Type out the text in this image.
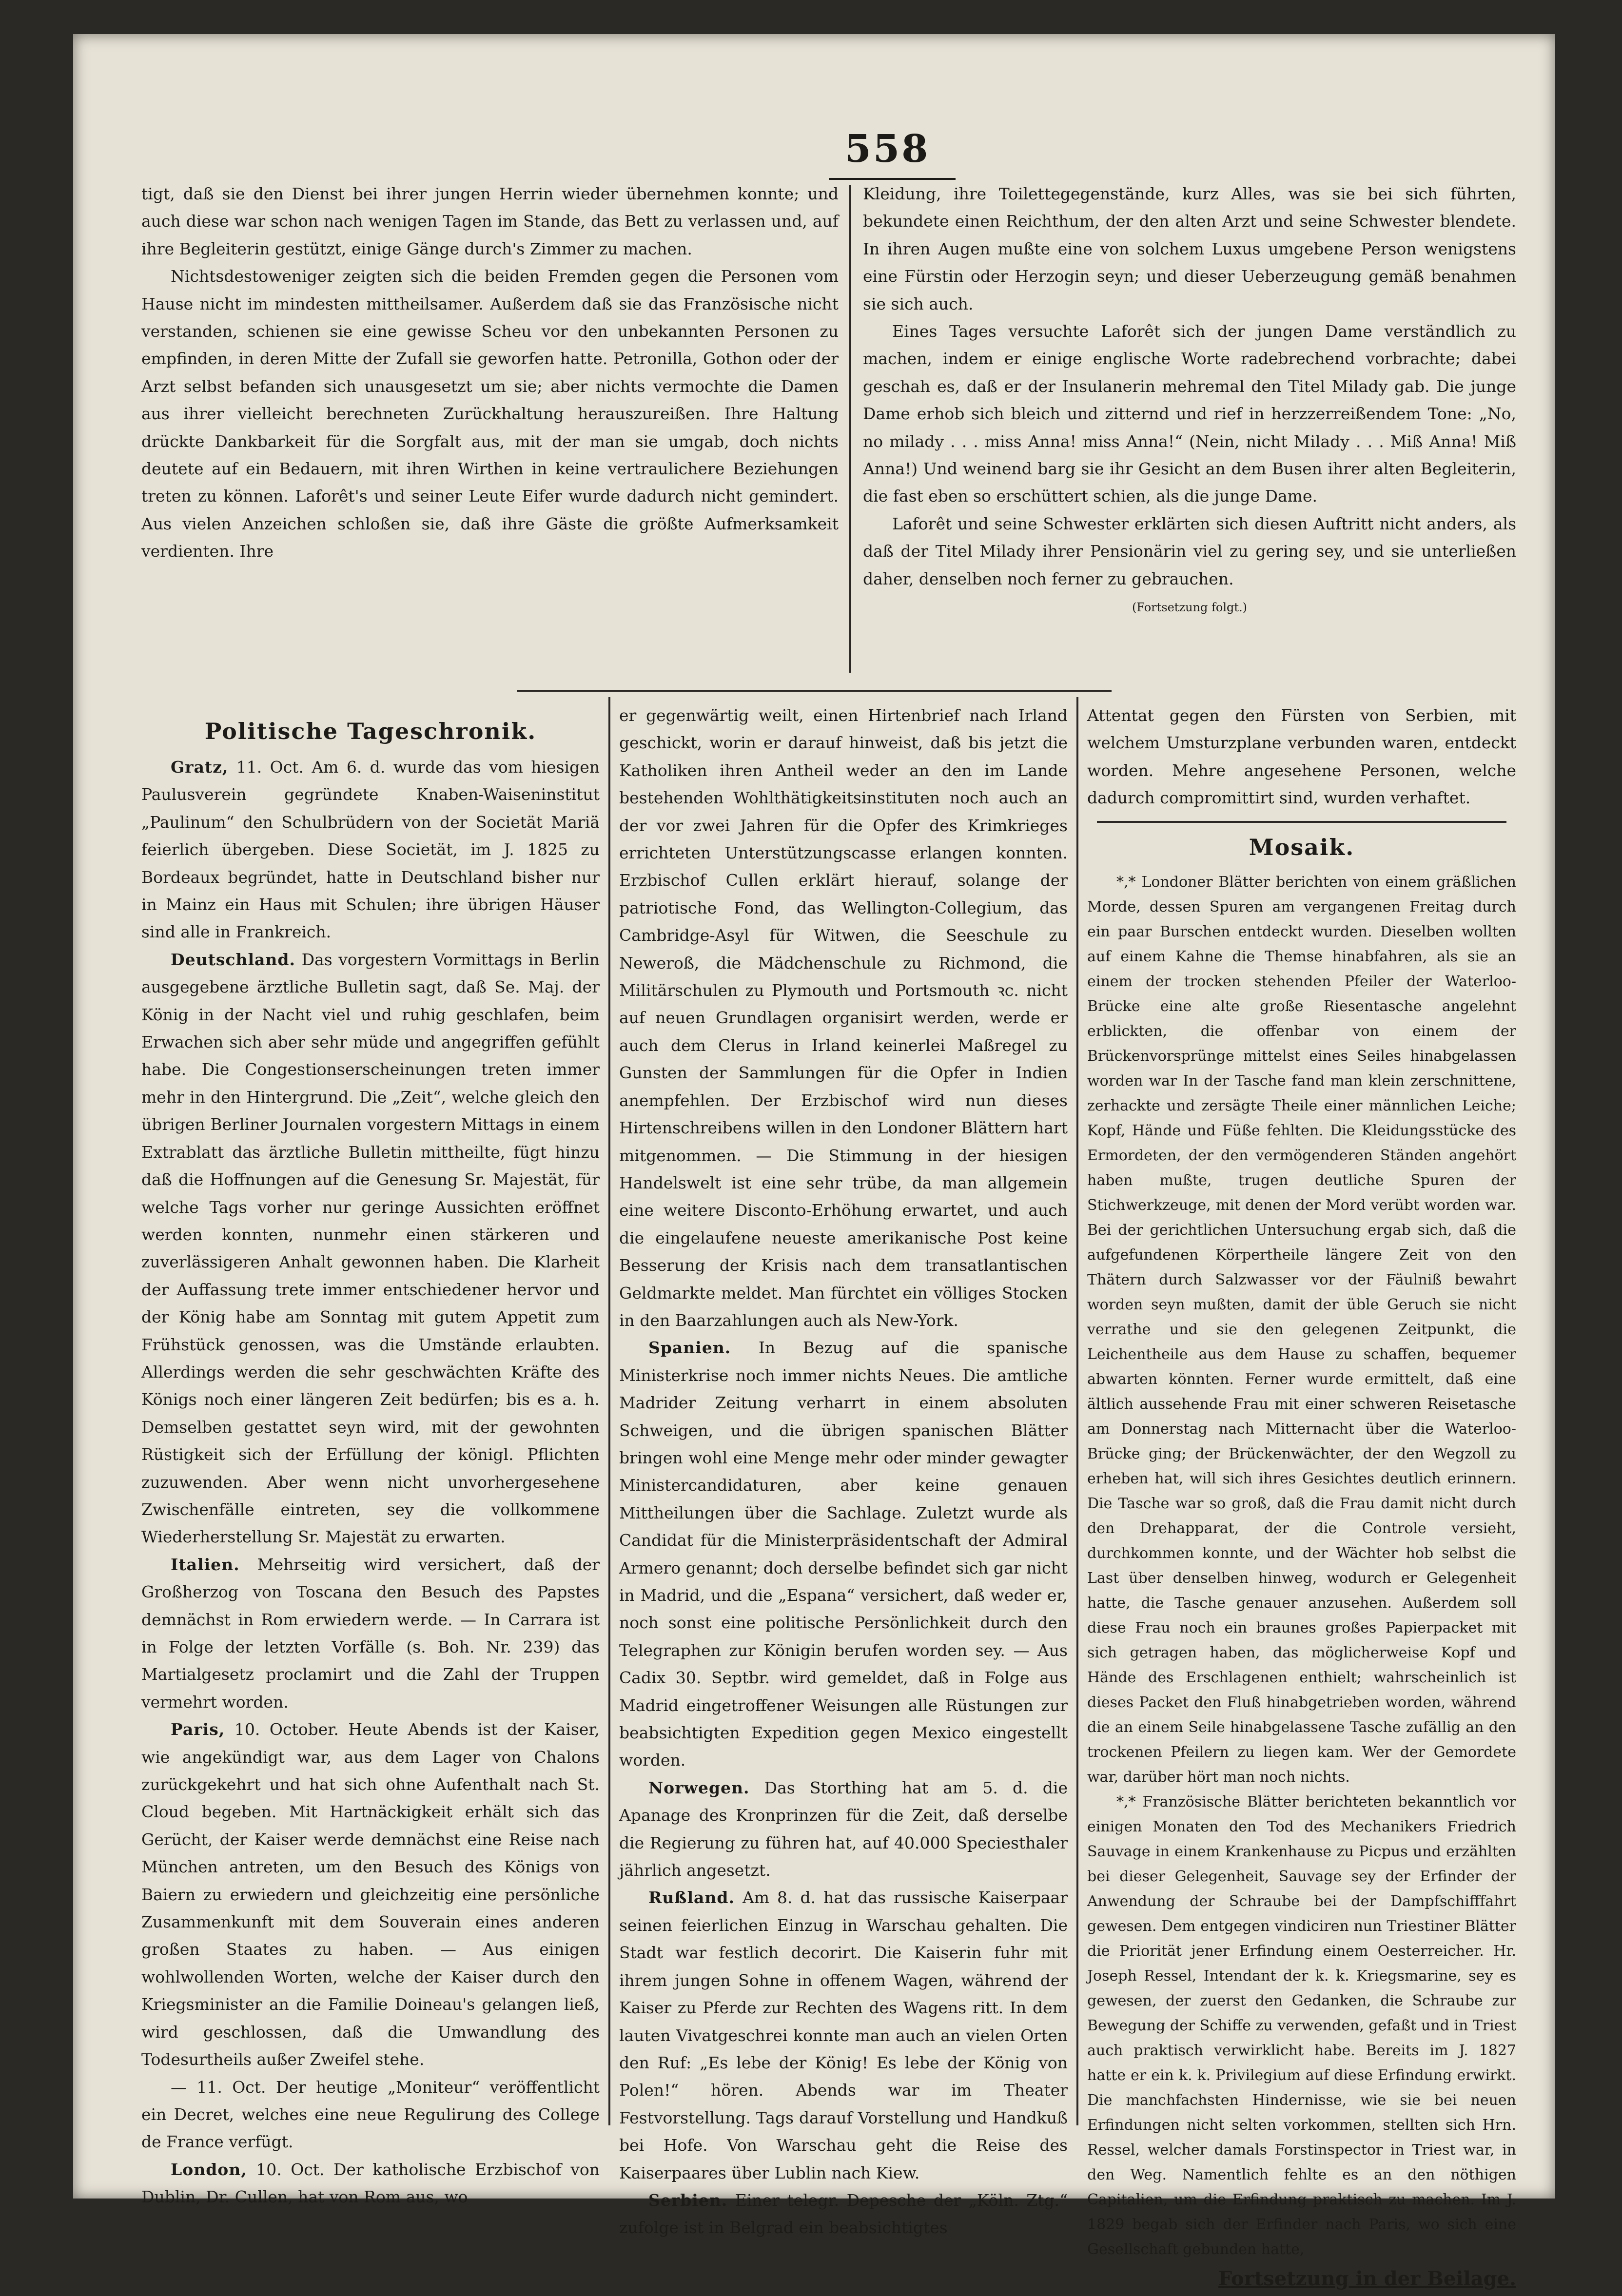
558

tigt, daß sie den Dienst bei ihrer jungen Herrin wieder übernehmen konnte; und auch diese war schon nach wenigen Tagen im Stande, das Bett zu verlassen und, auf ihre Begleiterin gestützt, einige Gänge durch's Zimmer zu machen.

Nichtsdestoweniger zeigten sich die beiden Fremden gegen die Personen vom Hause nicht im mindesten mittheilsamer. Außerdem daß sie das Französische nicht verstanden, schienen sie eine gewisse Scheu vor den unbekannten Personen zu empfinden, in deren Mitte der Zufall sie geworfen hatte. Petronilla, Gothon oder der Arzt selbst befanden sich unausgesetzt um sie; aber nichts vermochte die Damen aus ihrer vielleicht berechneten Zurückhaltung herauszureißen. Ihre Haltung drückte Dankbarkeit für die Sorgfalt aus, mit der man sie umgab, doch nichts deutete auf ein Bedauern, mit ihren Wirthen in keine vertraulichere Beziehungen treten zu können. Laforêt's und seiner Leute Eifer wurde dadurch nicht gemindert. Aus vielen Anzeichen schloßen sie, daß ihre Gäste die größte Aufmerksamkeit verdienten. Ihre

Kleidung, ihre Toilettegegenstände, kurz Alles, was sie bei sich führten, bekundete einen Reichthum, der den alten Arzt und seine Schwester blendete. In ihren Augen mußte eine von solchem Luxus umgebene Person wenigstens eine Fürstin oder Herzogin seyn; und dieser Ueberzeugung gemäß benahmen sie sich auch.

Eines Tages versuchte Laforêt sich der jungen Dame verständlich zu machen, indem er einige englische Worte radebrechend vorbrachte; dabei geschah es, daß er der Insulanerin mehremal den Titel Milady gab. Die junge Dame erhob sich bleich und zitternd und rief in herzzerreißendem Tone: „No, no milady . . . miss Anna! miss Anna!“ (Nein, nicht Milady . . . Miß Anna! Miß Anna!) Und weinend barg sie ihr Gesicht an dem Busen ihrer alten Begleiterin, die fast eben so erschüttert schien, als die junge Dame.

Laforêt und seine Schwester erklärten sich diesen Auftritt nicht anders, als daß der Titel Milady ihrer Pensionärin viel zu gering sey, und sie unterließen daher, denselben noch ferner zu gebrauchen.

(Fortsetzung folgt.)
Politische Tageschronik.

Gratz, 11. Oct. Am 6. d. wurde das vom hiesigen Paulusverein gegründete Knaben-Waiseninstitut „Paulinum“ den Schulbrüdern von der Societät Mariä feierlich übergeben. Diese Societät, im J. 1825 zu Bordeaux begründet, hatte in Deutschland bisher nur in Mainz ein Haus mit Schulen; ihre übrigen Häuser sind alle in Frankreich.

Deutschland. Das vorgestern Vormittags in Berlin ausgegebene ärztliche Bulletin sagt, daß Se. Maj. der König in der Nacht viel und ruhig geschlafen, beim Erwachen sich aber sehr müde und angegriffen gefühlt habe. Die Congestionserscheinungen treten immer mehr in den Hintergrund. Die „Zeit“, welche gleich den übrigen Berliner Journalen vorgestern Mittags in einem Extrablatt das ärztliche Bulletin mittheilte, fügt hinzu daß die Hoffnungen auf die Genesung Sr. Majestät, für welche Tags vorher nur geringe Aussichten eröffnet werden konnten, nunmehr einen stärkeren und zuverlässigeren Anhalt gewonnen haben. Die Klarheit der Auffassung trete immer entschiedener hervor und der König habe am Sonntag mit gutem Appetit zum Frühstück genossen, was die Umstände erlaubten. Allerdings werden die sehr geschwächten Kräfte des Königs noch einer längeren Zeit bedürfen; bis es a. h. Demselben gestattet seyn wird, mit der gewohnten Rüstigkeit sich der Erfüllung der königl. Pflichten zuzuwenden. Aber wenn nicht unvorhergesehene Zwischenfälle eintreten, sey die vollkommene Wiederherstellung Sr. Majestät zu erwarten.

Italien. Mehrseitig wird versichert, daß der Großherzog von Toscana den Besuch des Papstes demnächst in Rom erwiedern werde. — In Carrara ist in Folge der letzten Vorfälle (s. Boh. Nr. 239) das Martialgesetz proclamirt und die Zahl der Truppen vermehrt worden.

Paris, 10. October. Heute Abends ist der Kaiser, wie angekündigt war, aus dem Lager von Chalons zurückgekehrt und hat sich ohne Aufenthalt nach St. Cloud begeben. Mit Hartnäckigkeit erhält sich das Gerücht, der Kaiser werde demnächst eine Reise nach München antreten, um den Besuch des Königs von Baiern zu erwiedern und gleichzeitig eine persönliche Zusammenkunft mit dem Souverain eines anderen großen Staates zu haben. — Aus einigen wohlwollenden Worten, welche der Kaiser durch den Kriegsminister an die Familie Doineau's gelangen ließ, wird geschlossen, daß die Umwandlung des Todesurtheils außer Zweifel stehe.

— 11. Oct. Der heutige „Moniteur“ veröffentlicht ein Decret, welches eine neue Regulirung des College de France verfügt.

London, 10. Oct. Der katholische Erzbischof von Dublin, Dr. Cullen, hat von Rom aus, wo

er gegenwärtig weilt, einen Hirtenbrief nach Irland geschickt, worin er darauf hinweist, daß bis jetzt die Katholiken ihren Antheil weder an den im Lande bestehenden Wohlthätigkeitsinstituten noch auch an der vor zwei Jahren für die Opfer des Krimkrieges errichteten Unterstützungscasse erlangen konnten. Erzbischof Cullen erklärt hierauf, solange der patriotische Fond, das Wellington-Collegium, das Cambridge-Asyl für Witwen, die Seeschule zu Neweroß, die Mädchenschule zu Richmond, die Militärschulen zu Plymouth und Portsmouth ꝛc. nicht auf neuen Grundlagen organisirt werden, werde er auch dem Clerus in Irland keinerlei Maßregel zu Gunsten der Sammlungen für die Opfer in Indien anempfehlen. Der Erzbischof wird nun dieses Hirtenschreibens willen in den Londoner Blättern hart mitgenommen. — Die Stimmung in der hiesigen Handelswelt ist eine sehr trübe, da man allgemein eine weitere Disconto-Erhöhung erwartet, und auch die eingelaufene neueste amerikanische Post keine Besserung der Krisis nach dem transatlantischen Geldmarkte meldet. Man fürchtet ein völliges Stocken in den Baarzahlungen auch als New-York.

Spanien. In Bezug auf die spanische Ministerkrise noch immer nichts Neues. Die amtliche Madrider Zeitung verharrt in einem absoluten Schweigen, und die übrigen spanischen Blätter bringen wohl eine Menge mehr oder minder gewagter Ministercandidaturen, aber keine genauen Mittheilungen über die Sachlage. Zuletzt wurde als Candidat für die Ministerpräsidentschaft der Admiral Armero genannt; doch derselbe befindet sich gar nicht in Madrid, und die „Espana“ versichert, daß weder er, noch sonst eine politische Persönlichkeit durch den Telegraphen zur Königin berufen worden sey. — Aus Cadix 30. Septbr. wird gemeldet, daß in Folge aus Madrid eingetroffener Weisungen alle Rüstungen zur beabsichtigten Expedition gegen Mexico eingestellt worden.

Norwegen. Das Storthing hat am 5. d. die Apanage des Kronprinzen für die Zeit, daß derselbe die Regierung zu führen hat, auf 40.000 Speciesthaler jährlich angesetzt.

Rußland. Am 8. d. hat das russische Kaiserpaar seinen feierlichen Einzug in Warschau gehalten. Die Stadt war festlich decorirt. Die Kaiserin fuhr mit ihrem jungen Sohne in offenem Wagen, während der Kaiser zu Pferde zur Rechten des Wagens ritt. In dem lauten Vivatgeschrei konnte man auch an vielen Orten den Ruf: „Es lebe der König! Es lebe der König von Polen!“ hören. Abends war im Theater Festvorstellung. Tags darauf Vorstellung und Handkuß bei Hofe. Von Warschau geht die Reise des Kaiserpaares über Lublin nach Kiew.

Serbien. Einer telegr. Depesche der „Köln. Ztg.“ zufolge ist in Belgrad ein beabsichtigtes

Attentat gegen den Fürsten von Serbien, mit welchem Umsturzplane verbunden waren, entdeckt worden. Mehre angesehene Personen, welche dadurch compromittirt sind, wurden verhaftet.

Mosaik.

*,* Londoner Blätter berichten von einem gräßlichen Morde, dessen Spuren am vergangenen Freitag durch ein paar Burschen entdeckt wurden. Dieselben wollten auf einem Kahne die Themse hinabfahren, als sie an einem der trocken stehenden Pfeiler der Waterloo-Brücke eine alte große Riesentasche angelehnt erblickten, die offenbar von einem der Brückenvorsprünge mittelst eines Seiles hinabgelassen worden war In der Tasche fand man klein zerschnittene, zerhackte und zersägte Theile einer männlichen Leiche; Kopf, Hände und Füße fehlten. Die Kleidungsstücke des Ermordeten, der den vermögenderen Ständen angehört haben mußte, trugen deutliche Spuren der Stichwerkzeuge, mit denen der Mord verübt worden war. Bei der gerichtlichen Untersuchung ergab sich, daß die aufgefundenen Körpertheile längere Zeit von den Thätern durch Salzwasser vor der Fäulniß bewahrt worden seyn mußten, damit der üble Geruch sie nicht verrathe und sie den gelegenen Zeitpunkt, die Leichentheile aus dem Hause zu schaffen, bequemer abwarten könnten. Ferner wurde ermittelt, daß eine ältlich aussehende Frau mit einer schweren Reisetasche am Donnerstag nach Mitternacht über die Waterloo-Brücke ging; der Brückenwächter, der den Wegzoll zu erheben hat, will sich ihres Gesichtes deutlich erinnern. Die Tasche war so groß, daß die Frau damit nicht durch den Drehapparat, der die Controle versieht, durchkommen konnte, und der Wächter hob selbst die Last über denselben hinweg, wodurch er Gelegenheit hatte, die Tasche genauer anzusehen. Außerdem soll diese Frau noch ein braunes großes Papierpacket mit sich getragen haben, das möglicherweise Kopf und Hände des Erschlagenen enthielt; wahrscheinlich ist dieses Packet den Fluß hinabgetrieben worden, während die an einem Seile hinabgelassene Tasche zufällig an den trockenen Pfeilern zu liegen kam. Wer der Gemordete war, darüber hört man noch nichts.

*,* Französische Blätter berichteten bekanntlich vor einigen Monaten den Tod des Mechanikers Friedrich Sauvage in einem Krankenhause zu Picpus und erzählten bei dieser Gelegenheit, Sauvage sey der Erfinder der Anwendung der Schraube bei der Dampfschifffahrt gewesen. Dem entgegen vindiciren nun Triestiner Blätter die Priorität jener Erfindung einem Oesterreicher. Hr. Joseph Ressel, Intendant der k. k. Kriegsmarine, sey es gewesen, der zuerst den Gedanken, die Schraube zur Bewegung der Schiffe zu verwenden, gefaßt und in Triest auch praktisch verwirklicht habe. Bereits im J. 1827 hatte er ein k. k. Privilegium auf diese Erfindung erwirkt. Die manchfachsten Hindernisse, wie sie bei neuen Erfindungen nicht selten vorkommen, stellten sich Hrn. Ressel, welcher damals Forstinspector in Triest war, in den Weg. Namentlich fehlte es an den nöthigen Capitalien, um die Erfindung praktisch zu machen. Im J. 1829 begab sich der Erfinder nach Paris, wo sich eine Gesellschaft gebunden hatte,

Fortsetzung in der Beilage.
